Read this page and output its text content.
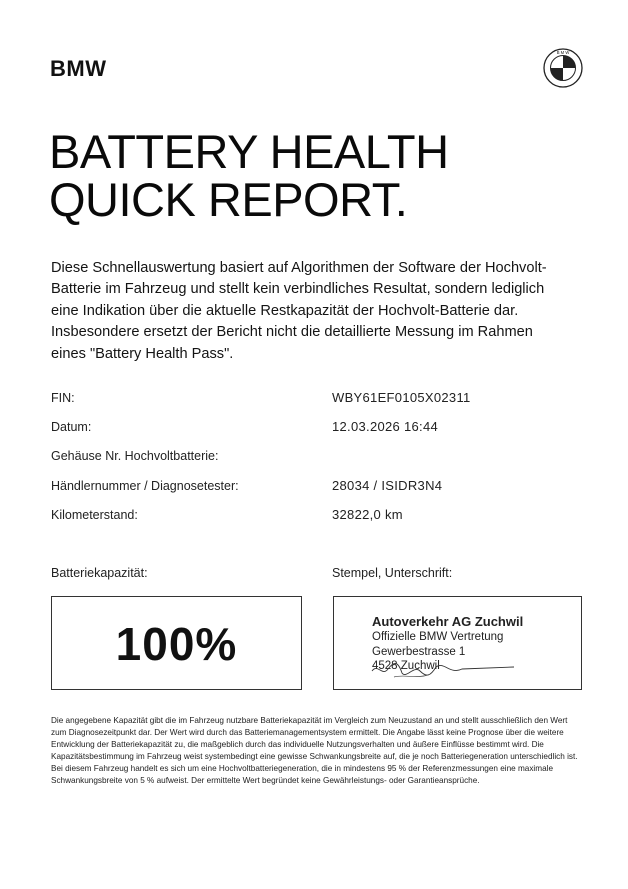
BMW
B M W
BATTERY HEALTH
QUICK REPORT.
Diese Schnellauswertung basiert auf Algorithmen der Software der Hochvolt-Batterie im Fahrzeug und stellt kein verbindliches Resultat, sondern lediglich eine Indikation über die aktuelle Restkapazität der Hochvolt-Batterie dar. Insbesondere ersetzt der Bericht nicht die detaillierte Messung im Rahmen eines "Battery Health Pass".
FIN:	WBY61EF0105X02311
Datum:	12.03.2026 16:44
Gehäuse Nr. Hochvoltbatterie:
Händlernummer / Diagnosetester:	28034 / ISIDR3N4
Kilometerstand:	32822,0 km
Batteriekapazität:	Stempel, Unterschrift:
100%	Autoverkehr AG Zuchwil
Offizielle BMW Vertretung
Gewerbestrasse 1
4528 Zuchwil
Die angegebene Kapazität gibt die im Fahrzeug nutzbare Batteriekapazität im Vergleich zum Neuzustand an und stellt ausschließlich den Wert zum Diagnosezeitpunkt dar. Der Wert wird durch das Batteriemanagementsystem ermittelt. Die Angabe lässt keine Prognose über die weitere Entwicklung der Batteriekapazität zu, die maßgeblich durch das individuelle Nutzungsverhalten und äußere Einflüsse bestimmt wird. Die Kapazitätsbestimmung im Fahrzeug weist systembedingt eine gewisse Schwankungsbreite auf, die je noch Batteriegeneration unterschiedlich ist. Bei diesem Fahrzeug handelt es sich um eine Hochvoltbatteriegeneration, die in mindestens 95 % der Referenzmessungen eine maximale Schwankungsbreite von 5 % aufweist. Der ermittelte Wert begründet keine Gewährleistungs- oder Garantieansprüche.
